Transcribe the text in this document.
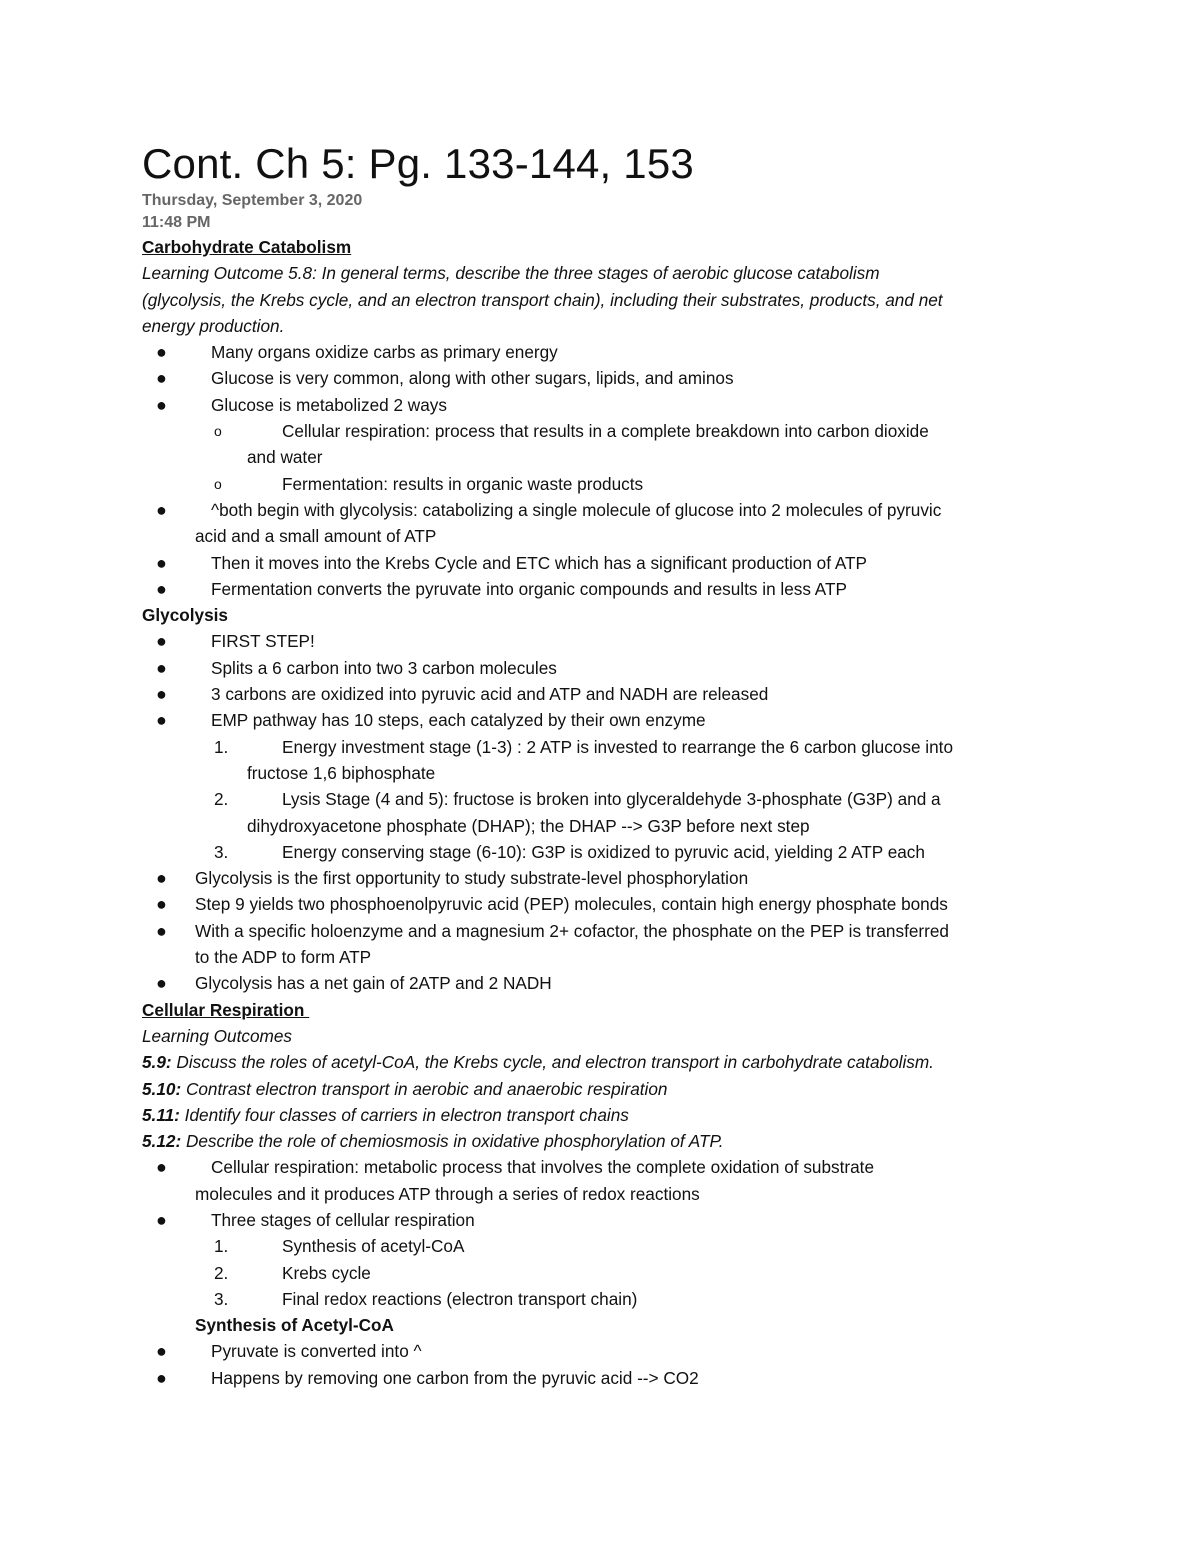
Cont. Ch 5: Pg. 133-144, 153
Thursday, September 3, 2020
11:48 PM
Carbohydrate Catabolism
Learning Outcome 5.8: In general terms, describe the three stages of aerobic glucose catabolism
(glycolysis, the Krebs cycle, and an electron transport chain), including their substrates, products, and net
energy production.
●	Many organs oxidize carbs as primary energy
●	Glucose is very common, along with other sugars, lipids, and aminos
●	Glucose is metabolized 2 ways
o	Cellular respiration: process that results in a complete breakdown into carbon dioxide
and water
o	Fermentation: results in organic waste products
●	^both begin with glycolysis: catabolizing a single molecule of glucose into 2 molecules of pyruvic
acid and a small amount of ATP
●	Then it moves into the Krebs Cycle and ETC which has a significant production of ATP
●	Fermentation converts the pyruvate into organic compounds and results in less ATP
Glycolysis
●	FIRST STEP!
●	Splits a 6 carbon into two 3 carbon molecules
●	3 carbons are oxidized into pyruvic acid and ATP and NADH are released
●	EMP pathway has 10 steps, each catalyzed by their own enzyme
1.	Energy investment stage (1-3) : 2 ATP is invested to rearrange the 6 carbon glucose into
fructose 1,6 biphosphate
2.	Lysis Stage (4 and 5): fructose is broken into glyceraldehyde 3-phosphate (G3P) and a
dihydroxyacetone phosphate (DHAP); the DHAP --> G3P before next step
3.	Energy conserving stage (6-10): G3P is oxidized to pyruvic acid, yielding 2 ATP each
● Glycolysis is the first opportunity to study substrate-level phosphorylation
● Step 9 yields two phosphoenolpyruvic acid (PEP) molecules, contain high energy phosphate bonds
● With a specific holoenzyme and a magnesium 2+ cofactor, the phosphate on the PEP is transferred
to the ADP to form ATP
● Glycolysis has a net gain of 2ATP and 2 NADH
Cellular Respiration
Learning Outcomes
5.9: Discuss the roles of acetyl-CoA, the Krebs cycle, and electron transport in carbohydrate catabolism.
5.10: Contrast electron transport in aerobic and anaerobic respiration
5.11: Identify four classes of carriers in electron transport chains
5.12: Describe the role of chemiosmosis in oxidative phosphorylation of ATP.
●	Cellular respiration: metabolic process that involves the complete oxidation of substrate
molecules and it produces ATP through a series of redox reactions
●	Three stages of cellular respiration
1.	Synthesis of acetyl-CoA
2.	Krebs cycle
3.	Final redox reactions (electron transport chain)
Synthesis of Acetyl-CoA
●	Pyruvate is converted into ^
●	Happens by removing one carbon from the pyruvic acid --> CO2
